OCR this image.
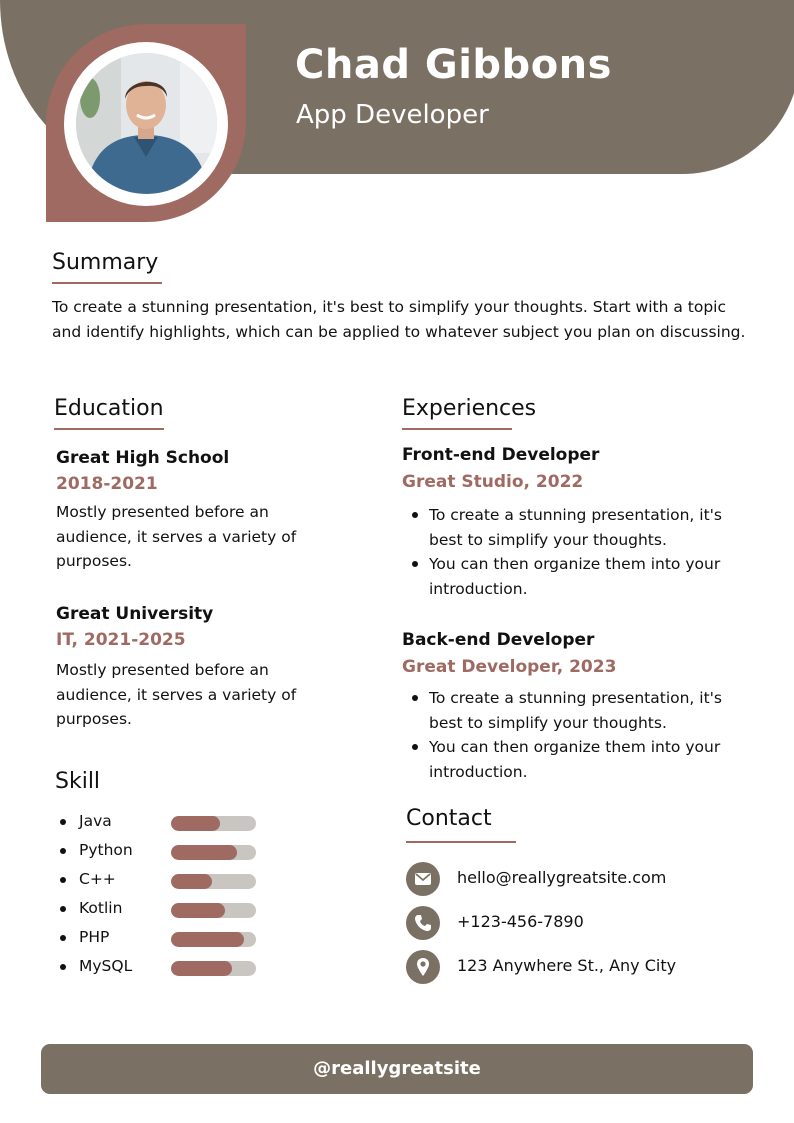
Chad Gibbons
App Developer
Summary
To create a stunning presentation, it's best to simplify your thoughts. Start with a topic and identify highlights, which can be applied to whatever subject you plan on discussing.
Education
Great High School
2018-2021
Mostly presented before an audience, it serves a variety of purposes.
Great University
IT, 2021-2025
Mostly presented before an audience, it serves a variety of purposes.
Skill
Java
Python
C++
Kotlin
PHP
MySQL
Experiences
Front-end Developer
Great Studio, 2022
To create a stunning presentation, it's best to simplify your thoughts.
You can then organize them into your introduction.
Back-end Developer
Great Developer, 2023
To create a stunning presentation, it's best to simplify your thoughts.
You can then organize them into your introduction.
Contact
hello@reallygreatsite.com
+123-456-7890
123 Anywhere St., Any City
@reallygreatsite
